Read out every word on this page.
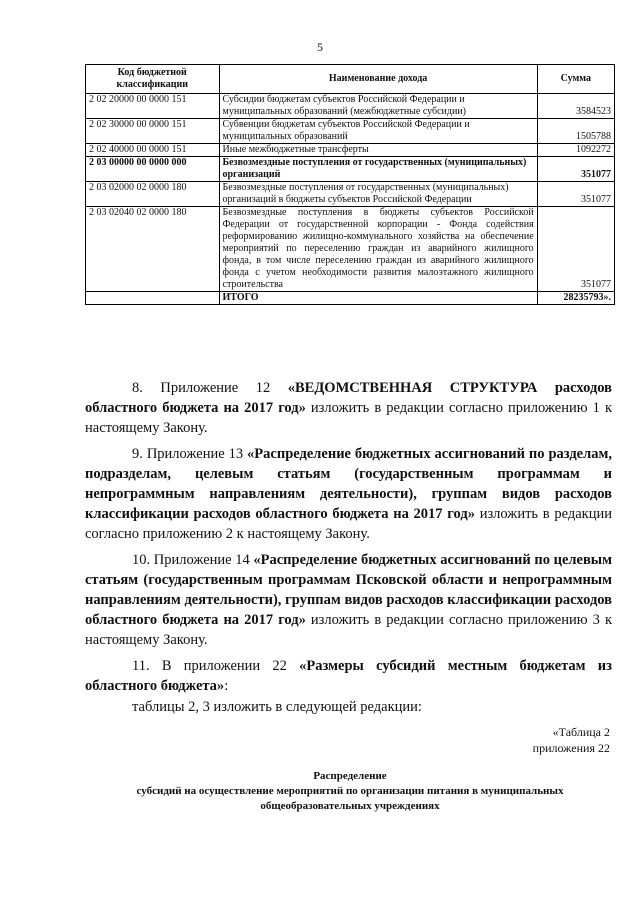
5
Код бюджетной классификации	Наименование дохода	Сумма
2 02 20000 00 0000 151	Субсидии бюджетам субъектов Российской Федерации и муниципальных образований (межбюджетные субсидии)	3584523
2 02 30000 00 0000 151	Субвенции бюджетам субъектов Российской Федерации и муниципальных образований	1505788
2 02 40000 00 0000 151	Иные межбюджетные трансферты	1092272
2 03 00000 00 0000 000	Безвозмездные поступления от государственных (муниципальных) организаций	351077
2 03 02000 02 0000 180	Безвозмездные поступления от государственных (муниципальных) организаций в бюджеты субъектов Российской Федерации	351077
2 03 02040 02 0000 180	Безвозмездные поступления в бюджеты субъектов Российской Федерации от государственной корпорации - Фонда содействия реформированию жилищно-коммунального хозяйства на обеспечение мероприятий по переселению граждан из аварийного жилищного фонда, в том числе переселению граждан из аварийного жилищного фонда с учетом необходимости развития малоэтажного жилищного строительства	351077
	ИТОГО	28235793».
8. Приложение 12 «ВЕДОМСТВЕННАЯ СТРУКТУРА расходов областного бюджета на 2017 год» изложить в редакции согласно приложению 1 к настоящему Закону.
9. Приложение 13 «Распределение бюджетных ассигнований по разделам, подразделам, целевым статьям (государственным программам и непрограммным направлениям деятельности), группам видов расходов классификации расходов областного бюджета на 2017 год» изложить в редакции согласно приложению 2 к настоящему Закону.
10. Приложение 14 «Распределение бюджетных ассигнований по целевым статьям (государственным программам Псковской области и непрограммным направлениям деятельности), группам видов расходов классификации расходов областного бюджета на 2017 год» изложить в редакции согласно приложению 3 к настоящему Закону.
11. В приложении 22 «Размеры субсидий местным бюджетам из областного бюджета»:
таблицы 2, 3 изложить в следующей редакции:
«Таблица 2
приложения 22
Распределение
субсидий на осуществление мероприятий по организации питания в муниципальных
общеобразовательных учреждениях
